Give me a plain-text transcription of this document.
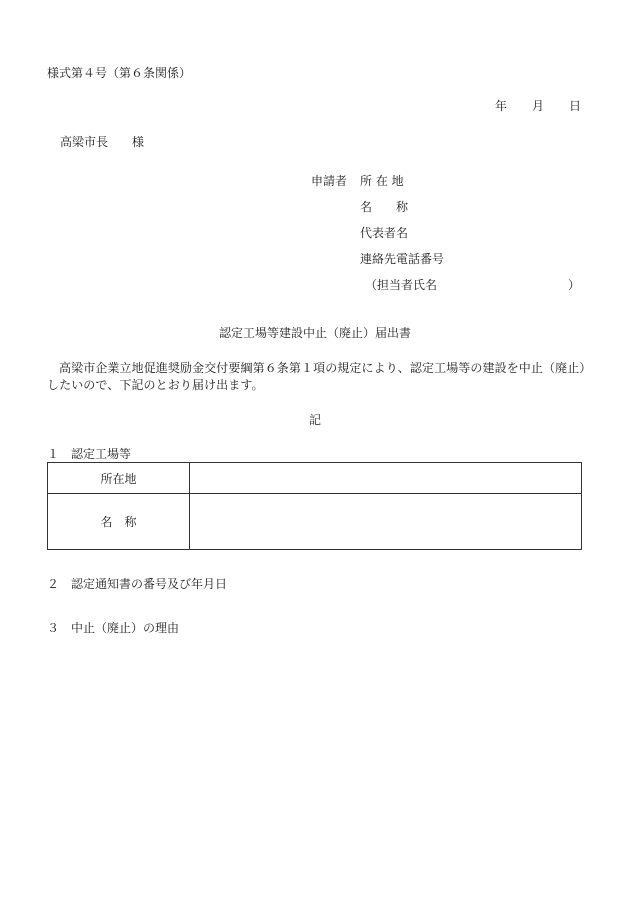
様式第４号（第６条関係）
年 月 日
高梁市長 様
申請者 所 在 地
名　　称
代表者名
連絡先電話番号
（担当者氏名	）
認定工場等建設中止（廃止）届出書
高梁市企業立地促進奨励金交付要綱第６条第１項の規定により、認定工場等の建設を中止（廃止）したいので、下記のとおり届け出ます。
記
１ 認定工場等
所在地	
名　称	
２ 認定通知書の番号及び年月日
３ 中止（廃止）の理由
